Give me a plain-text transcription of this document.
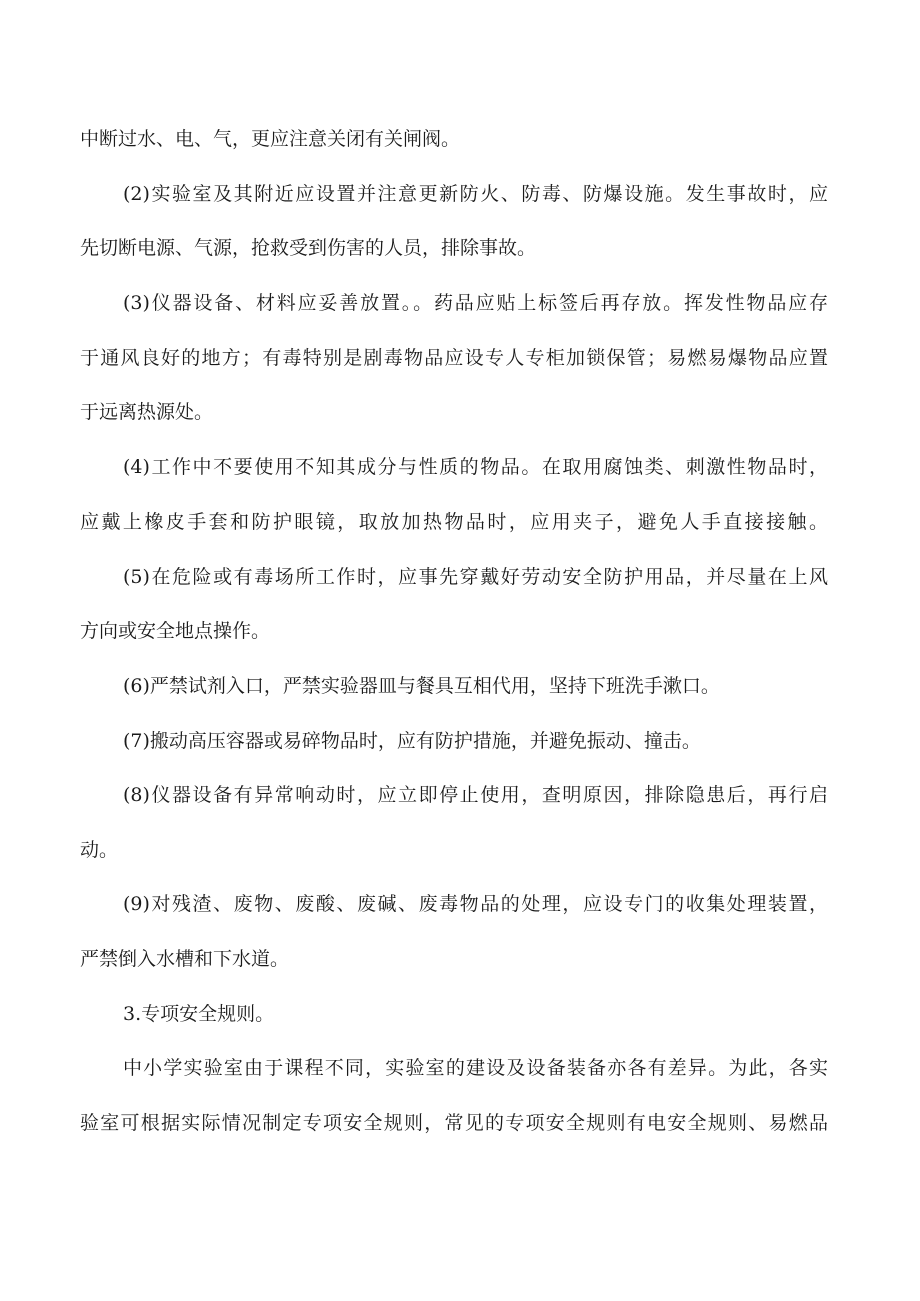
中断过水、电、气，更应注意关闭有关闸阀。
(2)实验室及其附近应设置并注意更新防火、防毒、防爆设施。发生事故时，应
先切断电源、气源，抢救受到伤害的人员，排除事故。
(3)仪器设备、材料应妥善放置。。药品应贴上标签后再存放。挥发性物品应存
于通风良好的地方；有毒特别是剧毒物品应设专人专柜加锁保管；易燃易爆物品应置
于远离热源处。
(4)工作中不要使用不知其成分与性质的物品。在取用腐蚀类、刺激性物品时，
应戴上橡皮手套和防护眼镜，取放加热物品时，应用夹子，避免人手直接接触。
(5)在危险或有毒场所工作时，应事先穿戴好劳动安全防护用品，并尽量在上风
方向或安全地点操作。
(6)严禁试剂入口，严禁实验器皿与餐具互相代用，坚持下班洗手漱口。
(7)搬动高压容器或易碎物品时，应有防护措施，并避免振动、撞击。
(8)仪器设备有异常响动时，应立即停止使用，查明原因，排除隐患后，再行启
动。
(9)对残渣、废物、废酸、废碱、废毒物品的处理，应设专门的收集处理装置，
严禁倒入水槽和下水道。
3.专项安全规则。
中小学实验室由于课程不同，实验室的建设及设备装备亦各有差异。为此，各实
验室可根据实际情况制定专项安全规则，常见的专项安全规则有电安全规则、易燃品
